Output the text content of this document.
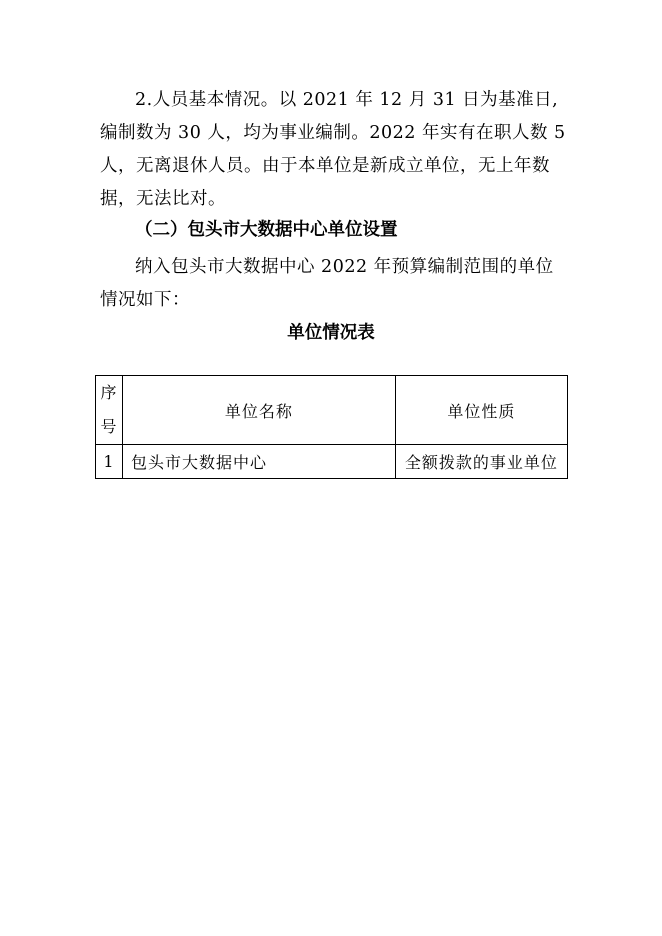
2.人员基本情况。以 2021 年 12 月 31 日为基准日,编制数为 30 人，均为事业编制。2022 年实有在职人数 5 人，无离退休人员。由于本单位是新成立单位，无上年数据，无法比对。

（二）包头市大数据中心单位设置

纳入包头市大数据中心 2022 年预算编制范围的单位情况如下：

单位情况表

序
号	单位名称	单位性质
1	包头市大数据中心	全额拨款的事业单位
